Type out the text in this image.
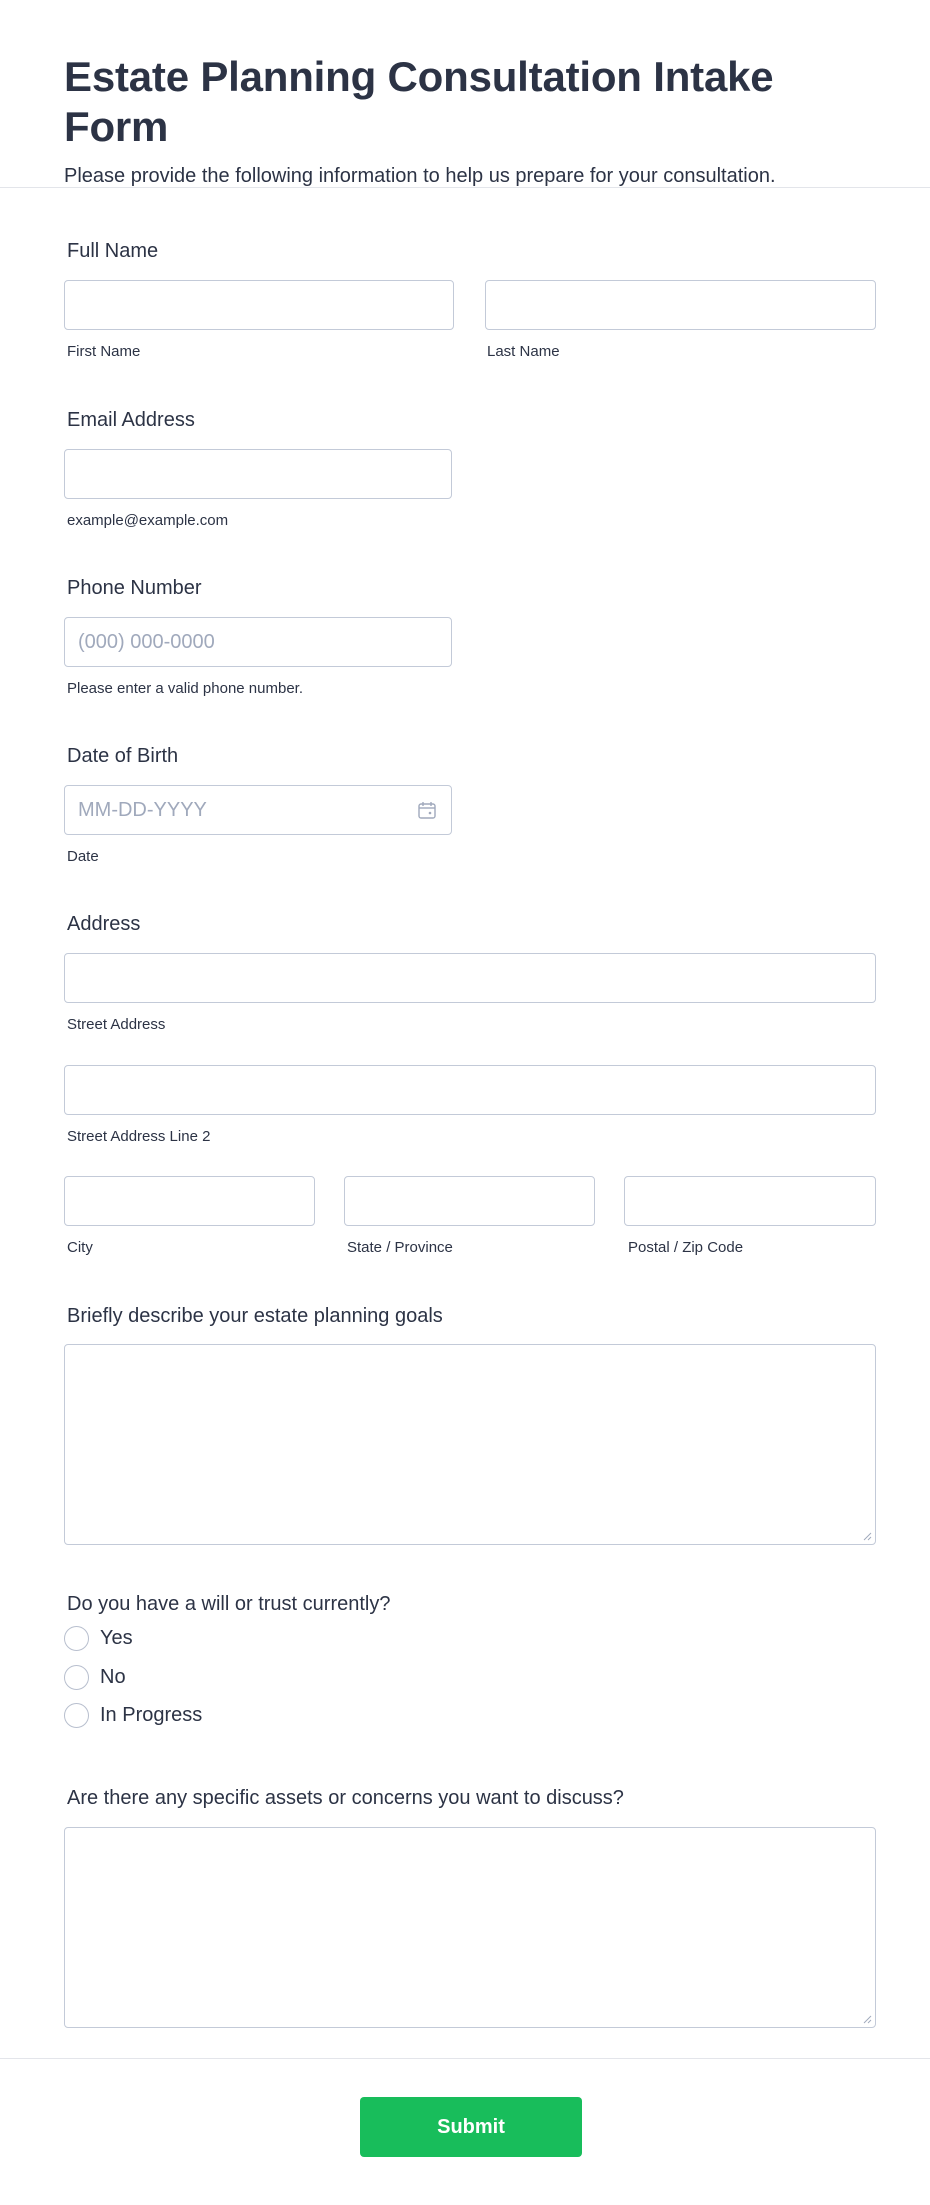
Estate Planning Consultation Intake Form
Please provide the following information to help us prepare for your consultation.
Full Name
First Name	Last Name
Email Address
example@example.com
Phone Number
(000) 000-0000
Please enter a valid phone number.
Date of Birth
MM-DD-YYYY
Date
Address
Street Address
Street Address Line 2
City	State / Province	Postal / Zip Code
Briefly describe your estate planning goals
Do you have a will or trust currently?
Yes
No
In Progress
Are there any specific assets or concerns you want to discuss?
Submit
